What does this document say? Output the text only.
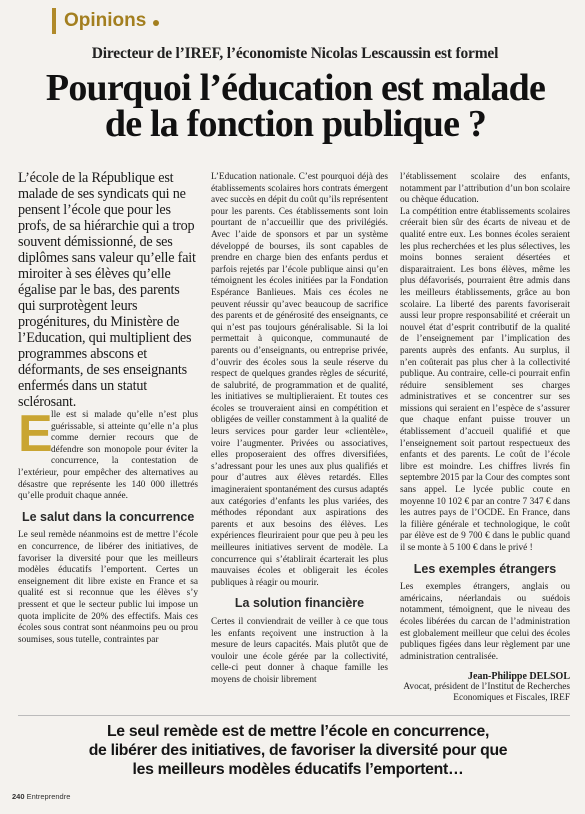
Opinions
Directeur de l’IREF, l’économiste Nicolas Lescaussin est formel
Pourquoi l’éducation est malade
de la fonction publique ?

L’école de la République est malade de ses syndicats qui ne pensent l’école que pour les profs, de sa hiérarchie qui a trop souvent démissionné, de ses diplômes sans valeur qu’elle fait miroiter à ses élèves qu’elle égalise par le bas, des parents qui surprotègent leurs progénitures, du Ministère de l’Education, qui multiplient des programmes abscons et déformants, de ses enseignants enfermés dans un statut sclérosant.

E
lle est si malade qu’elle n’est plus guérissable, si atteinte qu’elle n’a plus comme dernier recours que de défendre son monopole pour éviter la concurrence, la contestation de l’extérieur, pour empêcher des alternatives au désastre que représente les 140 000 illettrés qu’elle produit chaque année.
Le salut dans la concurrence

Le seul remède néanmoins est de mettre l’école en concurrence, de libérer des initiatives, de favoriser la diversité pour que les meilleurs modèles éducatifs l’emportent. Certes un enseignement dit libre existe en France et sa qualité est si reconnue que les élèves s’y pressent et que le secteur public lui impose un quota implicite de 20% des effectifs. Mais ces écoles sous contrat sont néanmoins peu ou prou soumises, sous tutelle, contraintes par

L’Education nationale. C’est pourquoi déjà des établissements scolaires hors contrats émergent avec succès en dépit du coût qu’ils représentent pour les parents. Ces établissements sont loin pourtant de n’accueillir que des privilégiés. Avec l’aide de sponsors et par un système développé de bourses, ils sont capables de prendre en charge bien des enfants perdus et parfois rejetés par l’école publique ainsi qu’en témoignent les écoles initiées par la Fondation Espérance Banlieues. Mais ces écoles ne peuvent réussir qu’avec beaucoup de sacrifice des parents et de générosité des enseignants, ce qui n’est pas toujours généralisable. Si la loi permettait à quiconque, communauté de parents ou d’enseignants, ou entreprise privée, d’ouvrir des écoles sous la seule réserve du respect de quelques grandes règles de sécurité, de salubrité, de programmation et de qualité, les initiatives se multiplieraient. Et toutes ces écoles se trouveraient ainsi en compétition et obligées de veiller constamment à la qualité de leurs services pour garder leur «clientèle», voire l’augmenter. Privées ou associatives, elles proposeraient des offres diversifiées, s’adressant pour les unes aux plus qualifiés et pour d’autres aux élèves retardés. Elles imagineraient spontanément des cursus adaptés aux catégories d’enfants les plus variées, des méthodes répondant aux aspirations des parents et aux besoins des élèves. Les expériences fleuriraient pour que peu à peu les meilleures initiatives servent de modèle. La concurrence qui s’établirait écarterait les plus mauvaises écoles et obligerait les écoles publiques à réagir ou mourir.

La solution financière

Certes il conviendrait de veiller à ce que tous les enfants reçoivent une instruction à la mesure de leurs capacités. Mais plutôt que de vouloir une école gérée par la collectivité, celle-ci peut donner à chaque famille les moyens de choisir librement

l’établissement scolaire des enfants, notamment par l’attribution d’un bon scolaire ou chèque éducation.

La compétition entre établissements scolaires créerait bien sûr des écarts de niveau et de qualité entre eux. Les bonnes écoles seraient les plus recherchées et les plus sélectives, les moins bonnes seraient désertées et disparaitraient. Les bons élèves, même les plus défavorisés, pourraient être admis dans les meilleurs établissements, grâce au bon scolaire. La liberté des parents favoriserait aussi leur propre responsabilité et créerait un nouvel état d’esprit contributif de la qualité de l’enseignement par l’implication des parents auprès des enfants. Au surplus, il n’en coûterait pas plus cher à la collectivité publique. Au contraire, celle-ci pourrait enfin réduire sensiblement ses charges administratives et se concentrer sur ses missions qui seraient en l’espèce de s’assurer que chaque enfant puisse trouver un établissement d’accueil qualifié et que l’enseignement soit partout respectueux des enfants et des parents. Le coût de l’école libre est moindre. Les chiffres livrés fin septembre 2015 par la Cour des comptes sont sans appel. Le lycée public coute en moyenne 10 102 € par an contre 7 347 € dans les autres pays de l’OCDE. En France, dans la filière générale et technologique, le coût par élève est de 9 700 € dans le public quand il se monte à 5 100 € dans le privé !

Les exemples étrangers

Les exemples étrangers, anglais ou américains, néerlandais ou suédois notamment, témoignent, que le niveau des écoles libérées du carcan de l’administration est globalement meilleur que celui des écoles publiques figées dans leur règlement par une administration centralisée.

Jean-Philippe DELSOL
Avocat, président de l’Institut de Recherches Economiques et Fiscales, IREF
Le seul remède est de mettre l’école en concurrence,
de libérer des initiatives, de favoriser la diversité pour que
les meilleurs modèles éducatifs l’emportent…
240 Entreprendre
